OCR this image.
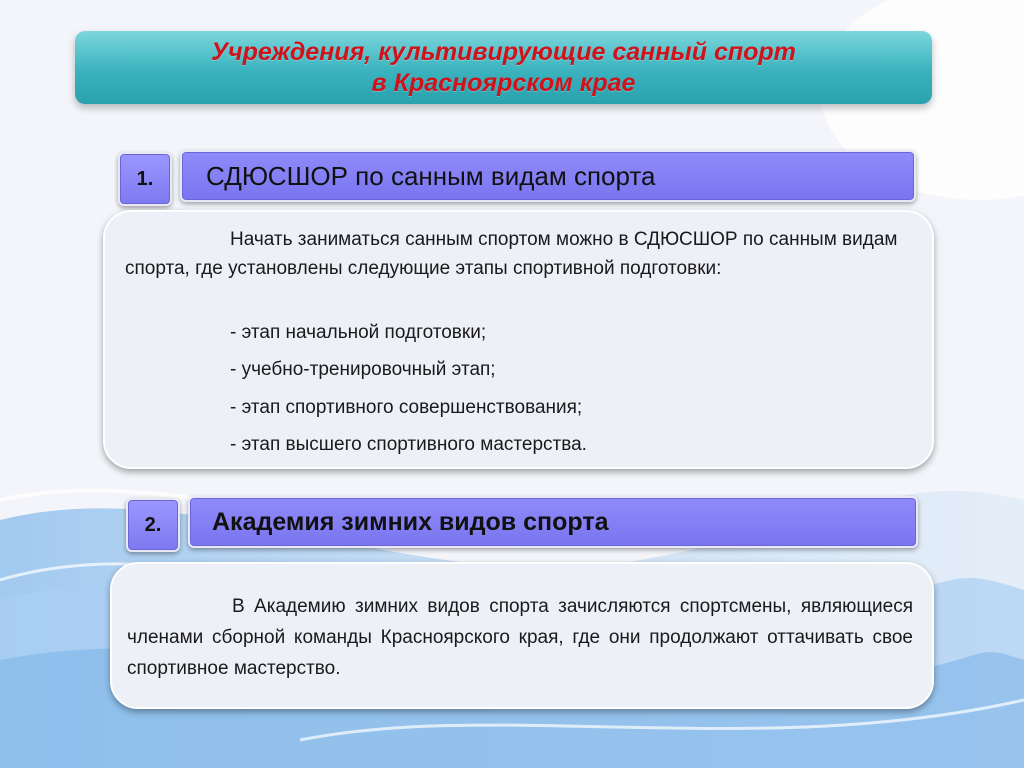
Учреждения, культивирующие санный спорт
в Красноярском крае
1.	СДЮСШОР по санным видам спорта

Начать заниматься санным спортом можно в СДЮСШОР по санным видам спорта, где установлены следующие этапы спортивной подготовки:

- этап начальной подготовки;

- учебно-тренировочный этап;

- этап спортивного совершенствования;

- этап высшего спортивного мастерства.

2.	Академия зимних видов спорта

В Академию зимних видов спорта зачисляются спортсмены, являющиеся членами сборной команды Красноярского края, где они продолжают оттачивать свое спортивное мастерство.
